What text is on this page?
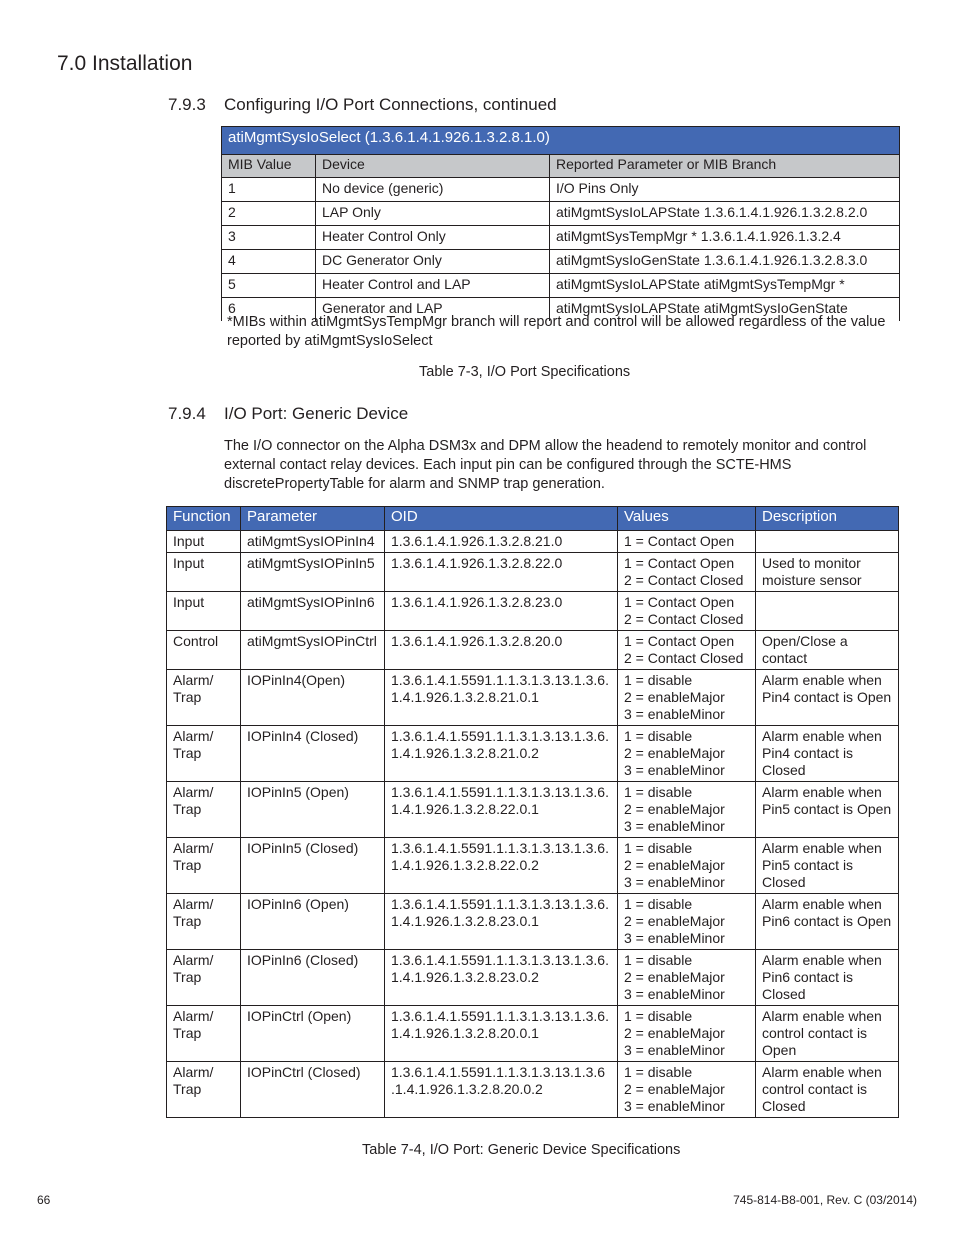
7.0 Installation
7.9.3 Configuring I/O Port Connections, continued
atiMgmtSysIoSelect (1.3.6.1.4.1.926.1.3.2.8.1.0)		
MIB Value	Device	Reported Parameter or MIB Branch
1	No device (generic)	I/O Pins Only
2	LAP Only	atiMgmtSysIoLAPState 1.3.6.1.4.1.926.1.3.2.8.2.0
3	Heater Control Only	atiMgmtSysTempMgr * 1.3.6.1.4.1.926.1.3.2.4
4	DC Generator Only	atiMgmtSysIoGenState 1.3.6.1.4.1.926.1.3.2.8.3.0
5	Heater Control and LAP	atiMgmtSysIoLAPState atiMgmtSysTempMgr *
6	Generator and LAP	atiMgmtSysIoLAPState atiMgmtSysIoGenState
*MIBs within atiMgmtSysTempMgr branch will report and control will be allowed regardless of the value reported by atiMgmtSysIoSelect
Table 7-3, I/O Port Specifications
7.9.4 I/O Port: Generic Device
The I/O connector on the Alpha DSM3x and DPM allow the headend to remotely monitor and control external contact relay devices. Each input pin can be configured through the SCTE-HMS discretePropertyTable for alarm and SNMP trap generation.
Function	Parameter	OID	Values	Description
Input	atiMgmtSysIOPinIn4	1.3.6.1.4.1.926.1.3.2.8.21.0	1 = Contact Open	
Input	atiMgmtSysIOPinIn5	1.3.6.1.4.1.926.1.3.2.8.22.0	1 = Contact Open
2 = Contact Closed	Used to monitor
moisture sensor
Input	atiMgmtSysIOPinIn6	1.3.6.1.4.1.926.1.3.2.8.23.0	1 = Contact Open
2 = Contact Closed	
Control	atiMgmtSysIOPinCtrl	1.3.6.1.4.1.926.1.3.2.8.20.0	1 = Contact Open
2 = Contact Closed	Open/Close a
contact
Alarm/
Trap	IOPinIn4(Open)	1.3.6.1.4.1.5591.1.1.3.1.3.13.1.3.6.
1.4.1.926.1.3.2.8.21.0.1	1 = disable
2 = enableMajor
3 = enableMinor	Alarm enable when
Pin4 contact is Open
Alarm/
Trap	IOPinIn4 (Closed)	1.3.6.1.4.1.5591.1.1.3.1.3.13.1.3.6.
1.4.1.926.1.3.2.8.21.0.2	1 = disable
2 = enableMajor
3 = enableMinor	Alarm enable when
Pin4 contact is
Closed
Alarm/
Trap	IOPinIn5 (Open)	1.3.6.1.4.1.5591.1.1.3.1.3.13.1.3.6.
1.4.1.926.1.3.2.8.22.0.1	1 = disable
2 = enableMajor
3 = enableMinor	Alarm enable when
Pin5 contact is Open
Alarm/
Trap	IOPinIn5 (Closed)	1.3.6.1.4.1.5591.1.1.3.1.3.13.1.3.6.
1.4.1.926.1.3.2.8.22.0.2	1 = disable
2 = enableMajor
3 = enableMinor	Alarm enable when
Pin5 contact is
Closed
Alarm/
Trap	IOPinIn6 (Open)	1.3.6.1.4.1.5591.1.1.3.1.3.13.1.3.6.
1.4.1.926.1.3.2.8.23.0.1	1 = disable
2 = enableMajor
3 = enableMinor	Alarm enable when
Pin6 contact is Open
Alarm/
Trap	IOPinIn6 (Closed)	1.3.6.1.4.1.5591.1.1.3.1.3.13.1.3.6.
1.4.1.926.1.3.2.8.23.0.2	1 = disable
2 = enableMajor
3 = enableMinor	Alarm enable when
Pin6 contact is
Closed
Alarm/
Trap	IOPinCtrl (Open)	1.3.6.1.4.1.5591.1.1.3.1.3.13.1.3.6.
1.4.1.926.1.3.2.8.20.0.1	1 = disable
2 = enableMajor
3 = enableMinor	Alarm enable when
control contact is
Open
Alarm/
Trap	IOPinCtrl (Closed)	1.3.6.1.4.1.5591.1.1.3.1.3.13.1.3.6
.1.4.1.926.1.3.2.8.20.0.2	1 = disable
2 = enableMajor
3 = enableMinor	Alarm enable when
control contact is
Closed
Table 7-4, I/O Port: Generic Device Specifications
66	745-814-B8-001, Rev. C (03/2014)
